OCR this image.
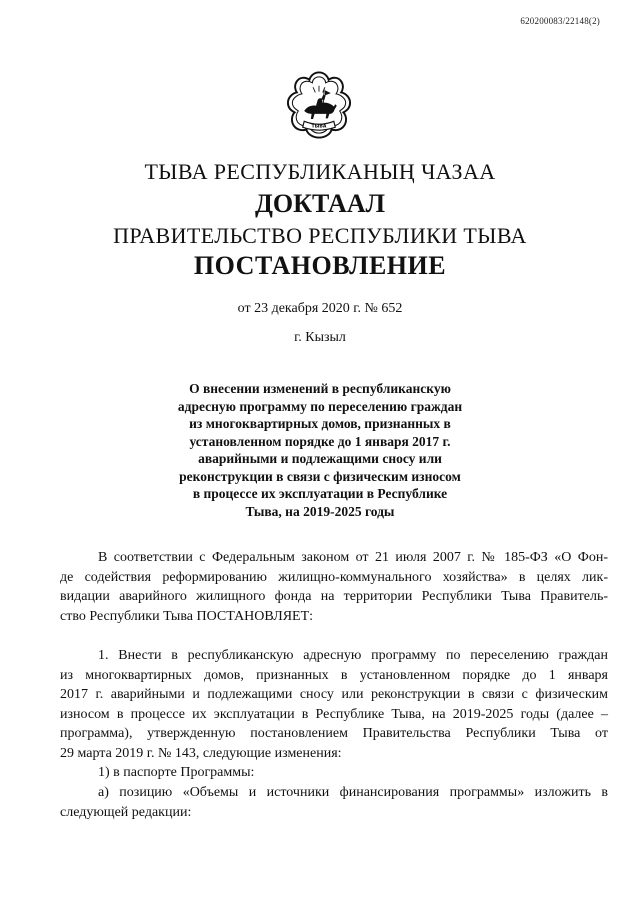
620200083/22148(2)
ТЫВА
ТЫВА РЕСПУБЛИКАНЫҢ ЧАЗАА
ДОКТААЛ
ПРАВИТЕЛЬСТВО РЕСПУБЛИКИ ТЫВА
ПОСТАНОВЛЕНИЕ
от 23 декабря 2020 г. № 652
г. Кызыл
О внесении изменений в республиканскую
адресную программу по переселению граждан
из многоквартирных домов, признанных в
установленном порядке до 1 января 2017 г.
аварийными и подлежащими сносу или
реконструкции в связи с физическим износом
в процессе их эксплуатации в Республике
Тыва, на 2019-2025 годы
В соответствии с Федеральным законом от 21 июля 2007 г. № 185-ФЗ «О Фон-
де содействия реформированию жилищно-коммунального хозяйства» в целях лик-
видации аварийного жилищного фонда на территории Республики Тыва Правитель-
ство Республики Тыва ПОСТАНОВЛЯЕТ:
1. Внести в республиканскую адресную программу по переселению граждан
из многоквартирных домов, признанных в установленном порядке до 1 января
2017 г. аварийными и подлежащими сносу или реконструкции в связи с физическим
износом в процессе их эксплуатации в Республике Тыва, на 2019-2025 годы (далее –
программа), утвержденную постановлением Правительства Республики Тыва от
29 марта 2019 г. № 143, следующие изменения:
1) в паспорте Программы:
а) позицию «Объемы и источники финансирования программы» изложить в
следующей редакции:
